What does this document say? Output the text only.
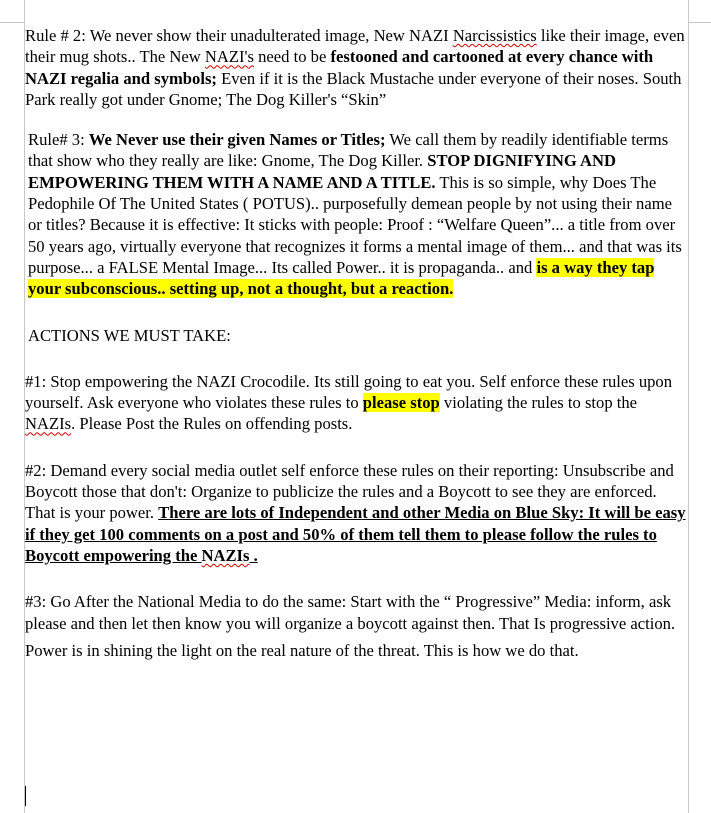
Rule # 2: We never show their unadulterated image, New NAZI Narcissistics like their image, even their mug shots.. The New NAZI's need to be festooned and cartooned at every chance with NAZI regalia and symbols; Even if it is the Black Mustache under everyone of their noses. South Park really got under Gnome; The Dog Killer's “Skin”

Rule# 3: We Never use their given Names or Titles; We call them by readily identifiable terms that show who they really are like: Gnome, The Dog Killer. STOP DIGNIFYING AND EMPOWERING THEM WITH A NAME AND A TITLE. This is so simple, why Does The Pedophile Of The United States ( POTUS).. purposefully demean people by not using their name or titles? Because it is effective: It sticks with people: Proof : “Welfare Queen”... a title from over 50 years ago, virtually everyone that recognizes it forms a mental image of them... and that was its purpose... a FALSE Mental Image... Its called Power.. it is propaganda.. and is a way they tap your subconscious.. setting up, not a thought, but a reaction.

ACTIONS WE MUST TAKE:

#1: Stop empowering the NAZI Crocodile. Its still going to eat you. Self enforce these rules upon yourself. Ask everyone who violates these rules to please stop violating the rules to stop the NAZIs. Please Post the Rules on offending posts.

#2: Demand every social media outlet self enforce these rules on their reporting: Unsubscribe and Boycott those that don't: Organize to publicize the rules and a Boycott to see they are enforced. That is your power. There are lots of Independent and other Media on Blue Sky: It will be easy if they get 100 comments on a post and 50% of them tell them to please follow the rules to Boycott empowering the NAZIs .

#3: Go After the National Media to do the same: Start with the “ Progressive” Media: inform, ask please and then let then know you will organize a boycott against then. That Is progressive action.

Power is in shining the light on the real nature of the threat. This is how we do that.
